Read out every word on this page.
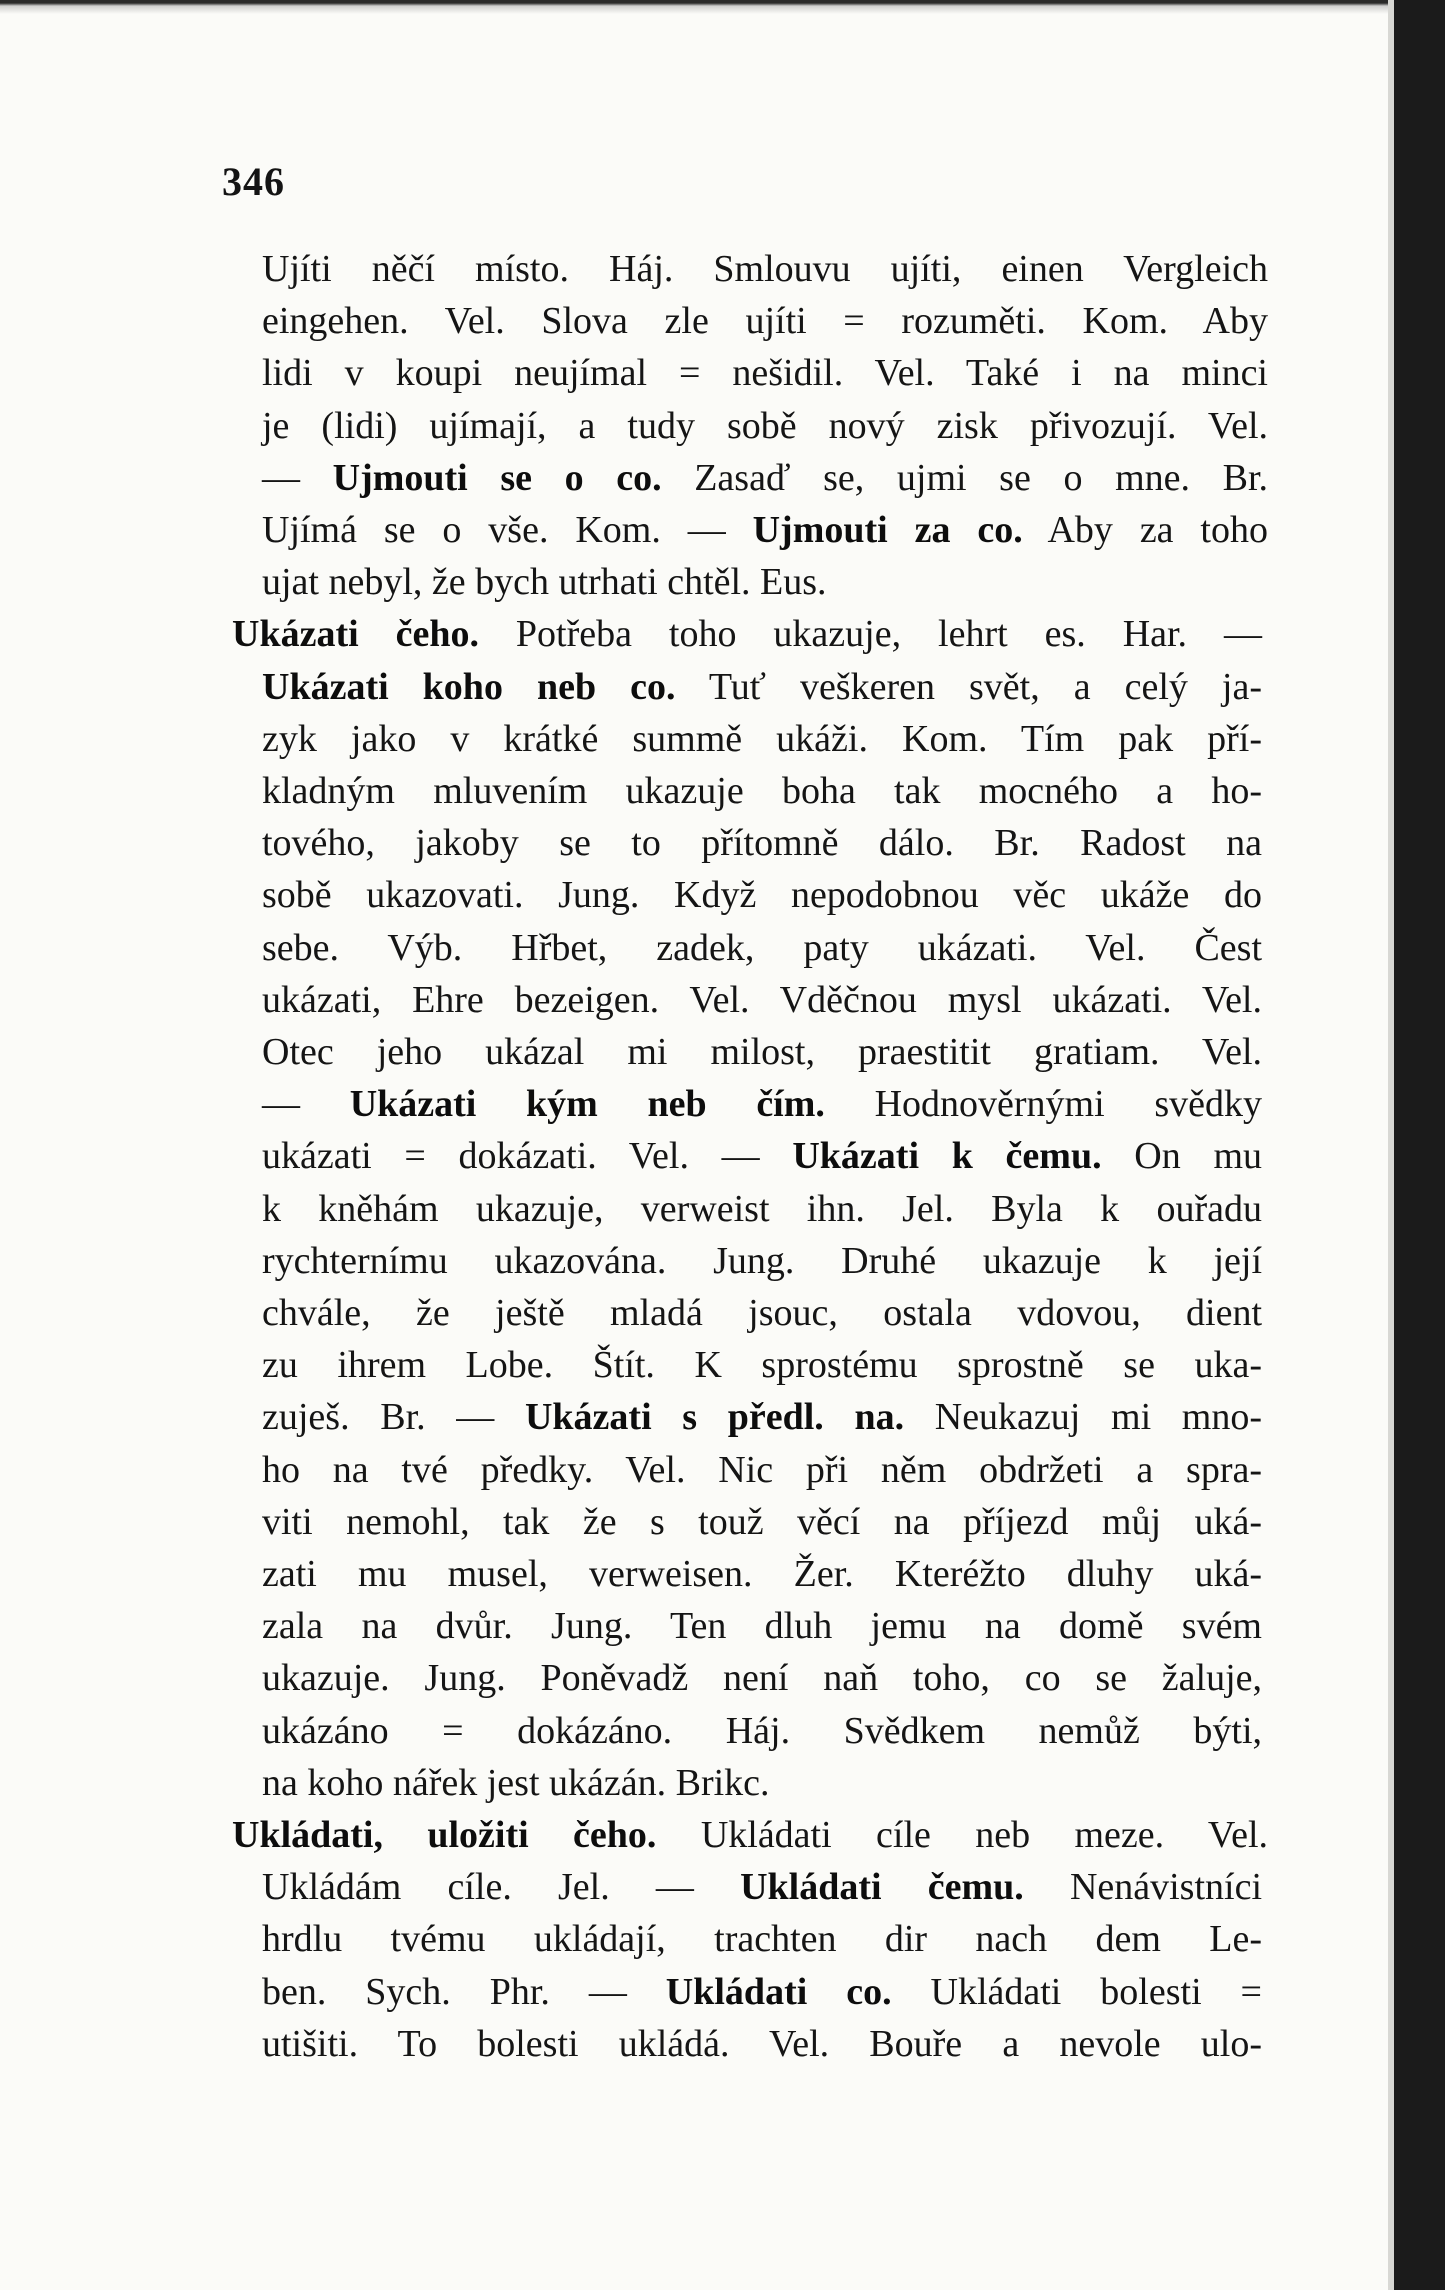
346
Ujíti něčí místo. Háj. Smlouvu ujíti, einen Vergleich
eingehen. Vel. Slova zle ujíti = rozuměti. Kom. Aby
lidi v koupi neujímal = nešidil. Vel. Také i na minci
je (lidi) ujímají, a tudy sobě nový zisk přivozují. Vel.
— Ujmouti se o co. Zasaď se, ujmi se o mne. Br.
Ujímá se o vše. Kom. — Ujmouti za co. Aby za toho
ujat nebyl, že bych utrhati chtěl. Eus.
Ukázati čeho. Potřeba toho ukazuje, lehrt es. Har. —
Ukázati koho neb co. Tuť veškeren svět, a celý ja-
zyk jako v krátké summě ukáži. Kom. Tím pak pří-
kladným mluvením ukazuje boha tak mocného a ho-
tového, jakoby se to přítomně dálo. Br. Radost na
sobě ukazovati. Jung. Když nepodobnou věc ukáže do
sebe. Výb. Hřbet, zadek, paty ukázati. Vel. Čest
ukázati, Ehre bezeigen. Vel. Vděčnou mysl ukázati. Vel.
Otec jeho ukázal mi milost, praestitit gratiam. Vel.
— Ukázati kým neb čím. Hodnověrnými svědky
ukázati = dokázati. Vel. — Ukázati k čemu. On mu
k kněhám ukazuje, verweist ihn. Jel. Byla k ouřadu
rychternímu ukazována. Jung. Druhé ukazuje k její
chvále, že ještě mladá jsouc, ostala vdovou, dient
zu ihrem Lobe. Štít. K sprostému sprostně se uka-
zuješ. Br. — Ukázati s předl. na. Neukazuj mi mno-
ho na tvé předky. Vel. Nic při něm obdržeti a spra-
viti nemohl, tak že s touž věcí na příjezd můj uká-
zati mu musel, verweisen. Žer. Kteréžto dluhy uká-
zala na dvůr. Jung. Ten dluh jemu na domě svém
ukazuje. Jung. Poněvadž není naň toho, co se žaluje,
ukázáno = dokázáno. Háj. Svědkem nemůž býti,
na koho nářek jest ukázán. Brikc.
Ukládati, uložiti čeho. Ukládati cíle neb meze. Vel.
Ukládám cíle. Jel. — Ukládati čemu. Nenávistníci
hrdlu tvému ukládají, trachten dir nach dem Le-
ben. Sych. Phr. — Ukládati co. Ukládati bolesti =
utišiti. To bolesti ukládá. Vel. Bouře a nevole ulo-
